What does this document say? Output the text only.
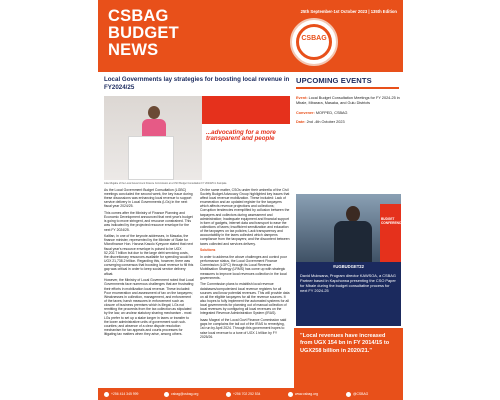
CSBAG
BUDGET
NEWS
25th September-1st October 2023 | 135th Edition
CSBAG
Local Governments lay strategies for boosting local revenue in FY2024/25
...advocating for a more transparent and people
Julie Mugabe of the Local Government Finance Commission at a CSO Budget Consultation FY 2024/25 in Kampala

As the Local Government Budget Consultation (LGBC) meetings concluded the second week, the key issue during these discussions was enhancing local revenue to support service delivery in Local Governments (LGs) in the next fiscal year 2024/25.

This comes after the Ministry of Finance Planning and Economic Development announced that next year's budget is going to move stringent, and resource constrained. This was indicated by the projected resource envelope for the next FY 2024/25.

Kalifan, in one of the keynote addresses, in Masaka, the finance minister, represented by the Minister of State for Microfinance Hon. Haruna Kasolo Kyeyune stated that next fiscal year's resource envelope is poised to be UGX 52,202.7 billion but due to the large debt servicing costs, the discretionary resources available for spending would be UGX 21,738.2 trillion. Regarding this, however, there was converging consensus that boosting local revenue to fill this gap was critical in order to keep social service delivery afloat.

However, the Ministry of Local Government noted that Local Governments face numerous challenges that are frustrating their efforts in mobilization local revenue. These included: Poor enumeration and assessment of tax on the taxpayers; Weaknesses in collection, management, and enforcement of the taxes; harsh measures in enforcement such as closure of business premises which is illegal; LGs not remitting the proceeds from the tax collection as stipulated by the law, an unclear statutory sharing mechanism - most LGs prefer to set up a stake longer in taxes or transfer to the lower administrative units of government such sub-counties; and absence of a clear dispute resolution mechanism for tax appeals and courts processes for litigating tax matters when they arise, among others.

On the same matter, CSOs under their umbrella of the Civil Society Budget Advocacy Group highlighted key issues that affect local revenue mobilization. These included: Lack of enumeration and an updated register for the taxpayers which affects revenue projections and collections; Corruption tendencies exemplified by collusion between the taxpayers and collectors during assessment and administration; Inadequate equipment and financial support in form of gadgets, internet data and transport to ease the collections of taxes; Insufficient sensitization and education of the taxpayers on tax policies; Lack transparency and accountability in the taxes collected which dampens compliance from the taxpayers; and the discontent between taxes collected and services delivery.

Solutions

In order to address the above challenges and control poor performance status, the Local Government Finance Commission (LGFC) through its Local Revenue Mobilisation Strategy (LRMS) has come up with strategic measures to improve local revenues collection in the local governments.

The Commission plans to establish local revenue databases/computerized local revenue registers for all sources and know potential revenues. This will provide data on all the eligible taxpayers for all the revenue sources. It also hopes to fully implement the automated systems for all local governments for planning out of manual collection of local revenues by configuring all local revenues on the Integrated Revenue Administration System (IRAS).

Isaac Magezi of the Local Govt Finance Commission said gaps he complains the tail out of the IRAS to remedying, 1st run by April 2024. Through this government hopes to raise local revenue to a tune of UGX 1 trillion by FY 2025/26.

UPCOMING EVENTS
Event: Local Budget Consultation Meetings for FY 2024-25 in Mbale, Mbarara, Masaka, and Gulu Districts
Convener: MOFPED, CSBAG
Date: 2nd -4th October 2023
BUDGET CONFERENCE
#UGBUDGET22
David Mukwana, Program director KAWSOA, a CSBAG Partner based in Kapchorwa presenting the CSO Paper for Mbale during the budget consultative process for next FY 2024-25
"Local revenues have increased from UGX 154 bn in FY 2014/15 to UGX258 billion in 2020/21."
+256 414 345 999	csbag@csbag.org	+256 702 252 534	www.csbag.org	@CSBAG
